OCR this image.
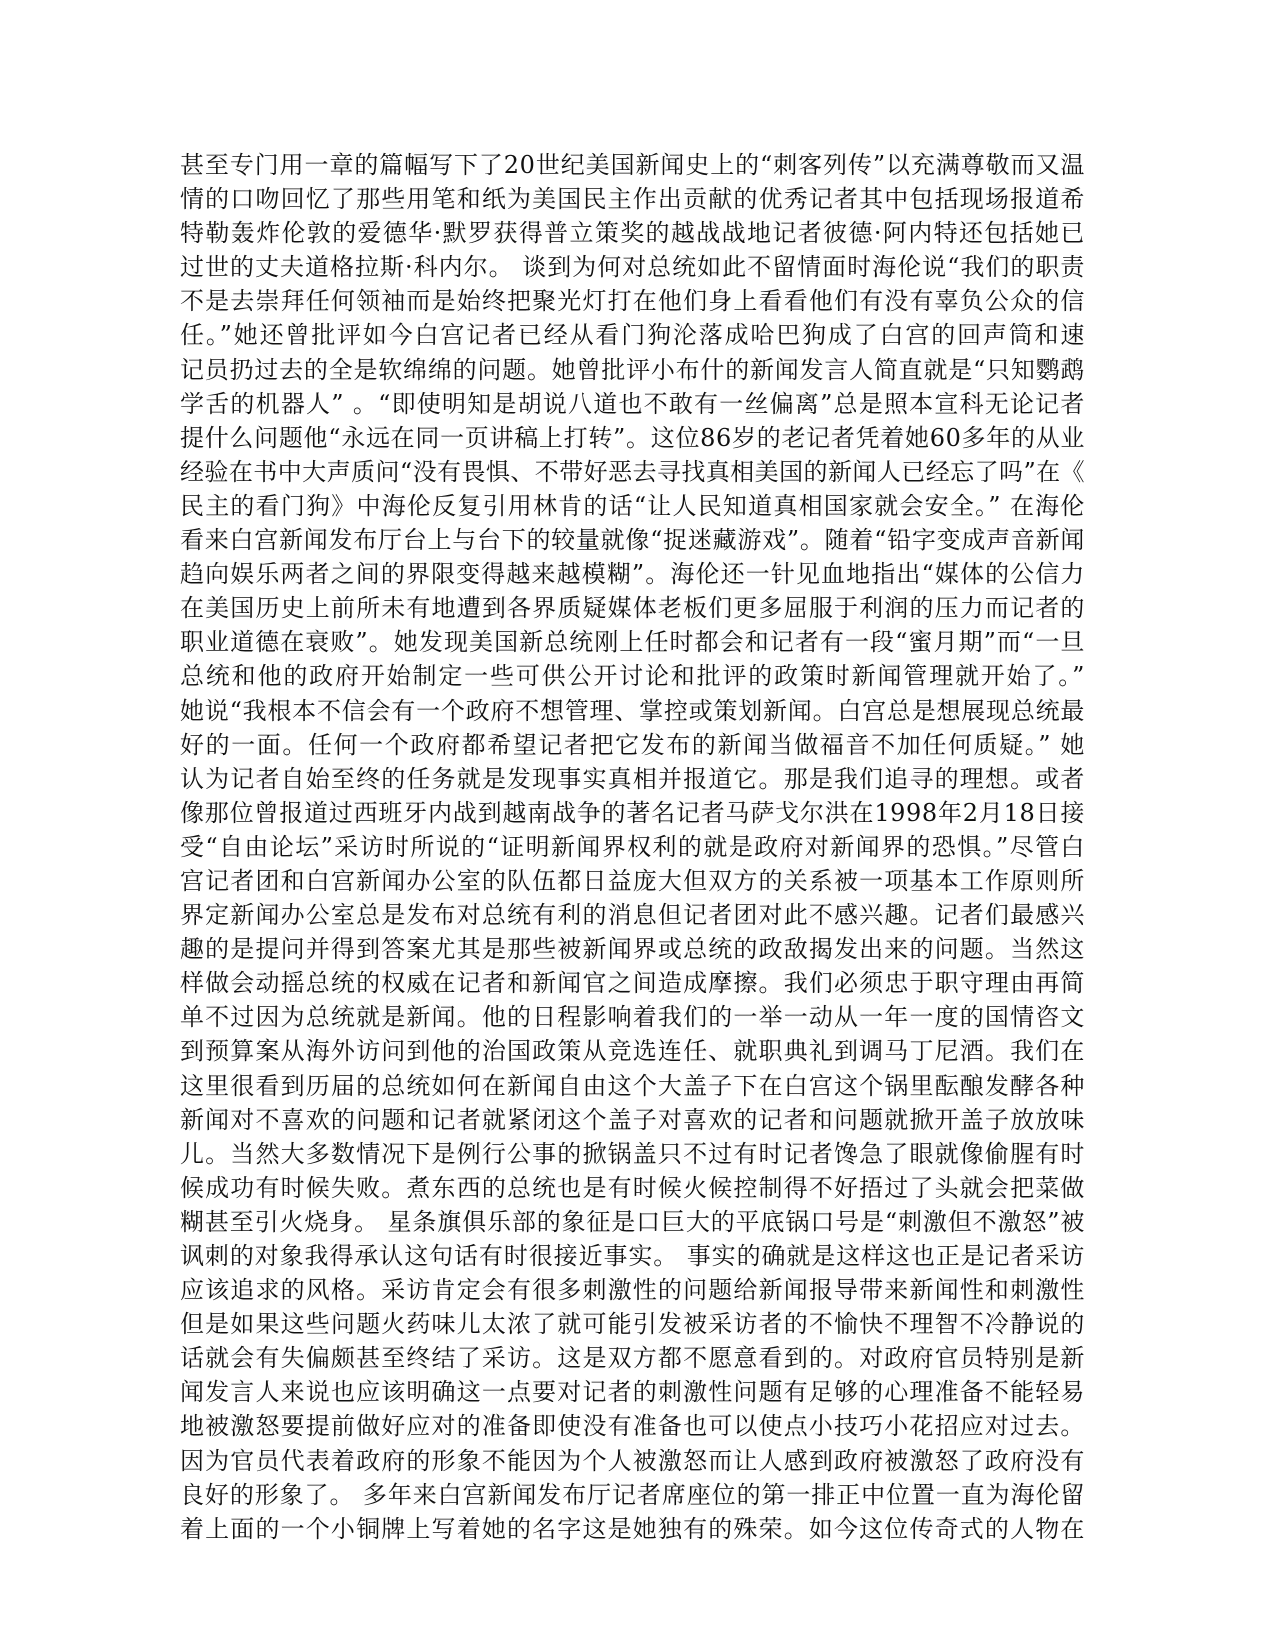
甚至专门用一章的篇幅写下了20世纪美国新闻史上的“刺客列传”以充满尊敬而又温
情的口吻回忆了那些用笔和纸为美国民主作出贡献的优秀记者其中包括现场报道希
特勒轰炸伦敦的爱德华·默罗获得普立策奖的越战战地记者彼德·阿内特还包括她已
过世的丈夫道格拉斯·科内尔。 谈到为何对总统如此不留情面时海伦说“我们的职责
不是去崇拜任何领袖而是始终把聚光灯打在他们身上看看他们有没有辜负公众的信
任。”她还曾批评如今白宫记者已经从看门狗沦落成哈巴狗成了白宫的回声筒和速
记员扔过去的全是软绵绵的问题。她曾批评小布什的新闻发言人简直就是“只知鹦鹉
学舌的机器人” 。“即使明知是胡说八道也不敢有一丝偏离”总是照本宣科无论记者
提什么问题他“永远在同一页讲稿上打转”。这位86岁的老记者凭着她60多年的从业
经验在书中大声质问“没有畏惧、不带好恶去寻找真相美国的新闻人已经忘了吗”在《
民主的看门狗》中海伦反复引用林肯的话“让人民知道真相国家就会安全。” 在海伦
看来白宫新闻发布厅台上与台下的较量就像“捉迷藏游戏”。随着“铅字变成声音新闻
趋向娱乐两者之间的界限变得越来越模糊”。海伦还一针见血地指出“媒体的公信力
在美国历史上前所未有地遭到各界质疑媒体老板们更多屈服于利润的压力而记者的
职业道德在衰败”。她发现美国新总统刚上任时都会和记者有一段“蜜月期”而“一旦
总统和他的政府开始制定一些可供公开讨论和批评的政策时新闻管理就开始了。”
她说“我根本不信会有一个政府不想管理、掌控或策划新闻。白宫总是想展现总统最
好的一面。任何一个政府都希望记者把它发布的新闻当做福音不加任何质疑。” 她
认为记者自始至终的任务就是发现事实真相并报道它。那是我们追寻的理想。或者
像那位曾报道过西班牙内战到越南战争的著名记者马萨戈尔洪在1998年2月18日接
受“自由论坛”采访时所说的“证明新闻界权利的就是政府对新闻界的恐惧。”尽管白
宫记者团和白宫新闻办公室的队伍都日益庞大但双方的关系被一项基本工作原则所
界定新闻办公室总是发布对总统有利的消息但记者团对此不感兴趣。记者们最感兴
趣的是提问并得到答案尤其是那些被新闻界或总统的政敌揭发出来的问题。当然这
样做会动摇总统的权威在记者和新闻官之间造成摩擦。我们必须忠于职守理由再简
单不过因为总统就是新闻。他的日程影响着我们的一举一动从一年一度的国情咨文
到预算案从海外访问到他的治国政策从竞选连任、就职典礼到调马丁尼酒。我们在
这里很看到历届的总统如何在新闻自由这个大盖子下在白宫这个锅里酝酿发酵各种
新闻对不喜欢的问题和记者就紧闭这个盖子对喜欢的记者和问题就掀开盖子放放味
儿。当然大多数情况下是例行公事的掀锅盖只不过有时记者馋急了眼就像偷腥有时
候成功有时候失败。煮东西的总统也是有时候火候控制得不好捂过了头就会把菜做
糊甚至引火烧身。 星条旗俱乐部的象征是口巨大的平底锅口号是“刺激但不激怒”被
讽刺的对象我得承认这句话有时很接近事实。 事实的确就是这样这也正是记者采访
应该追求的风格。采访肯定会有很多刺激性的问题给新闻报导带来新闻性和刺激性
但是如果这些问题火药味儿太浓了就可能引发被采访者的不愉快不理智不冷静说的
话就会有失偏颇甚至终结了采访。这是双方都不愿意看到的。对政府官员特别是新
闻发言人来说也应该明确这一点要对记者的刺激性问题有足够的心理准备不能轻易
地被激怒要提前做好应对的准备即使没有准备也可以使点小技巧小花招应对过去。
因为官员代表着政府的形象不能因为个人被激怒而让人感到政府被激怒了政府没有
良好的形象了。 多年来白宫新闻发布厅记者席座位的第一排正中位置一直为海伦留
着上面的一个小铜牌上写着她的名字这是她独有的殊荣。如今这位传奇式的人物在
